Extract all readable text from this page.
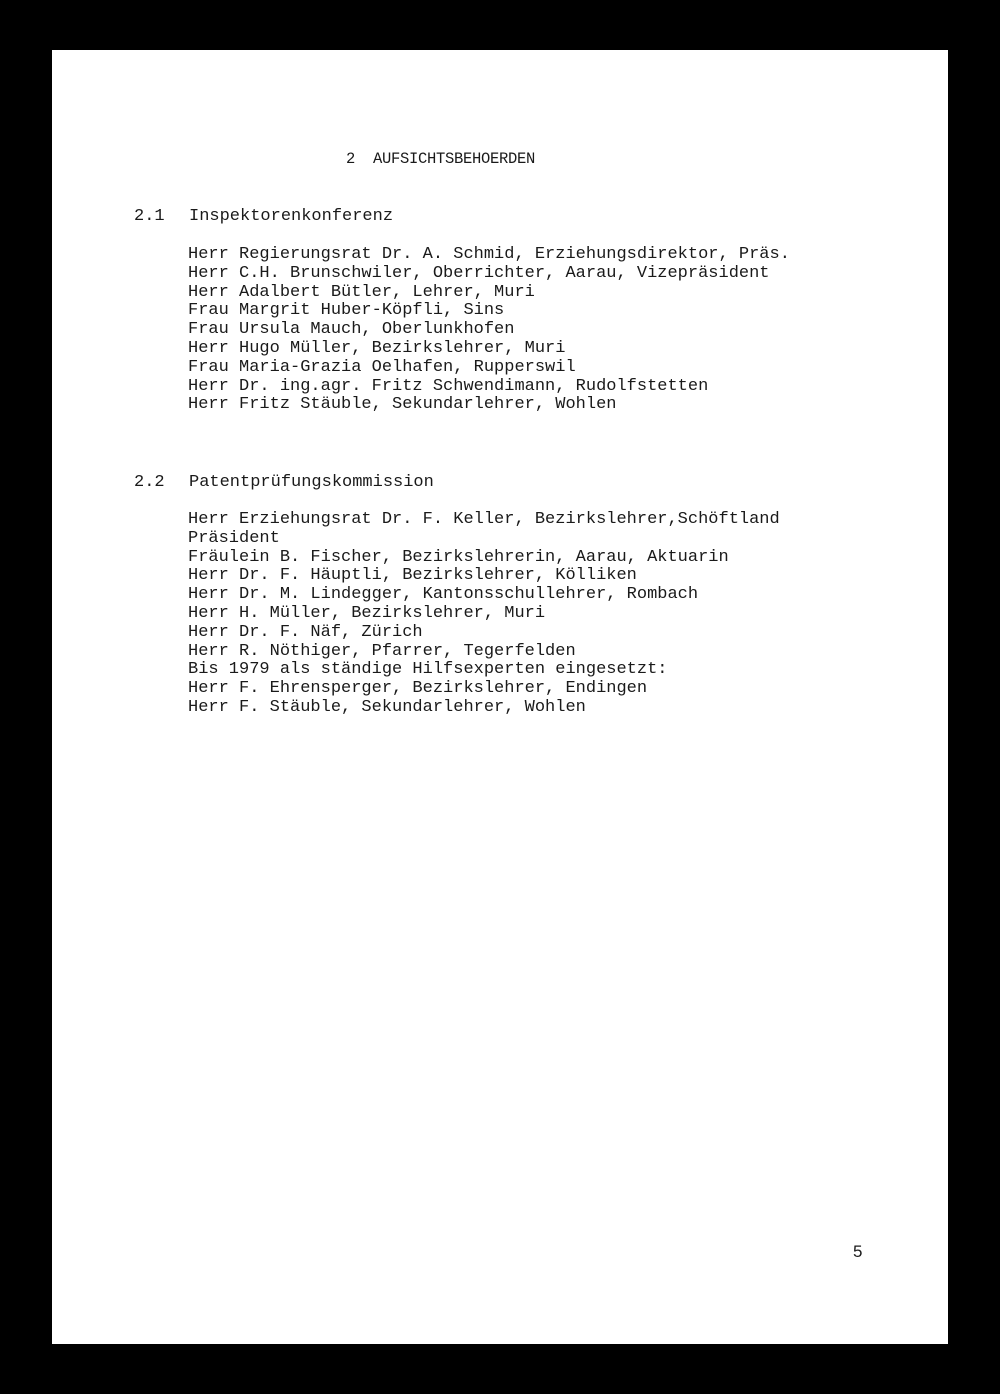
2  AUFSICHTSBEHOERDEN
2.1 Inspektorenkonferenz
Herr Regierungsrat Dr. A. Schmid, Erziehungsdirektor, Präs.
Herr C.H. Brunschwiler, Oberrichter, Aarau, Vizepräsident
Herr Adalbert Bütler, Lehrer, Muri
Frau Margrit Huber-Köpfli, Sins
Frau Ursula Mauch, Oberlunkhofen
Herr Hugo Müller, Bezirkslehrer, Muri
Frau Maria-Grazia Oelhafen, Rupperswil
Herr Dr. ing.agr. Fritz Schwendimann, Rudolfstetten
Herr Fritz Stäuble, Sekundarlehrer, Wohlen
2.2 Patentprüfungskommission
Herr Erziehungsrat Dr. F. Keller, Bezirkslehrer,Schöftland
Präsident
Fräulein B. Fischer, Bezirkslehrerin, Aarau, Aktuarin
Herr Dr. F. Häuptli, Bezirkslehrer, Kölliken
Herr Dr. M. Lindegger, Kantonsschullehrer, Rombach
Herr H. Müller, Bezirkslehrer, Muri
Herr Dr. F. Näf, Zürich
Herr R. Nöthiger, Pfarrer, Tegerfelden
Bis 1979 als ständige Hilfsexperten eingesetzt:
Herr F. Ehrensperger, Bezirkslehrer, Endingen
Herr F. Stäuble, Sekundarlehrer, Wohlen
5
